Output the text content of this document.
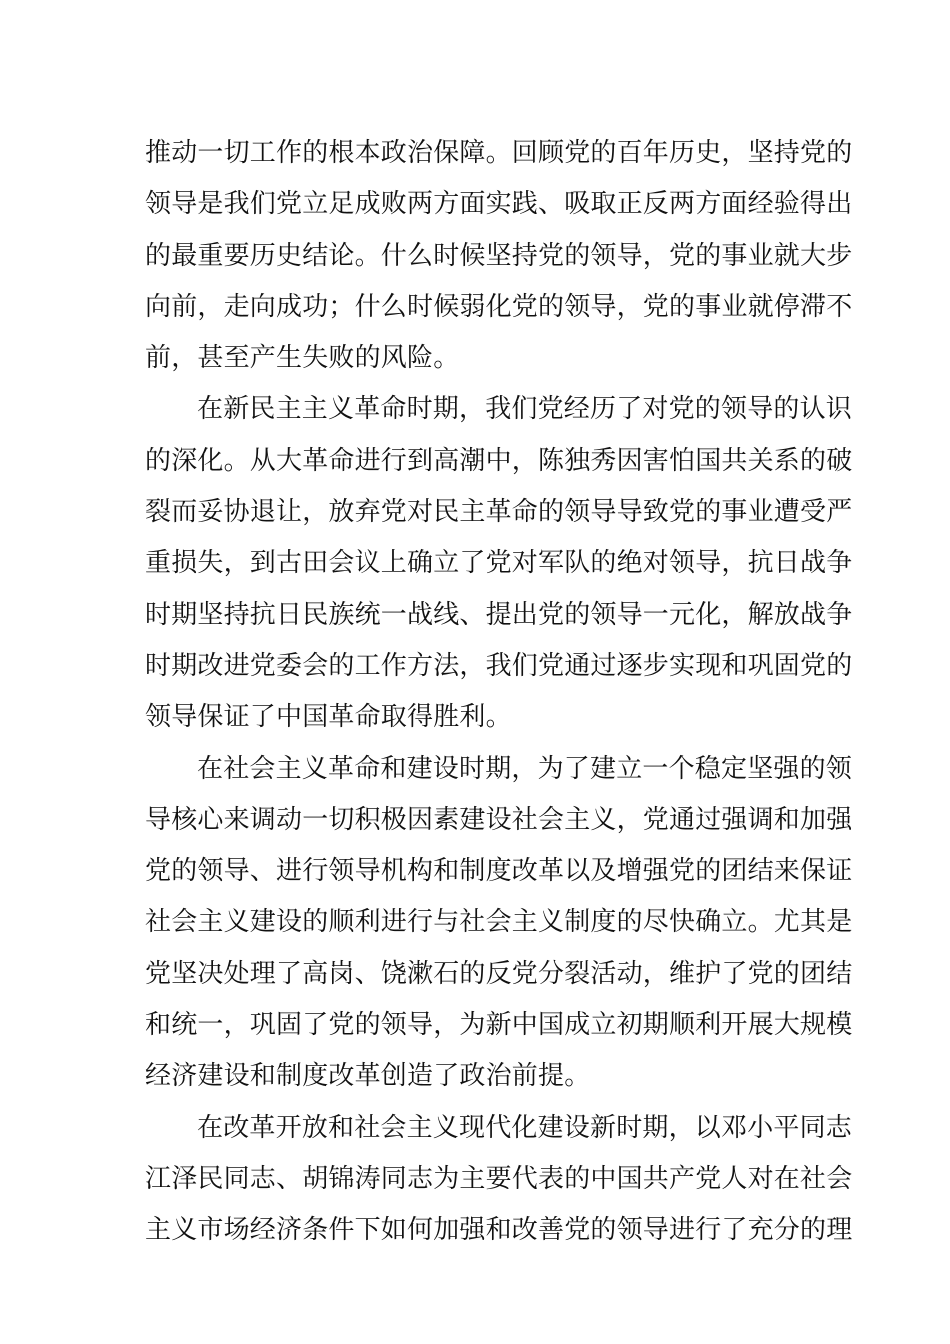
推动一切工作的根本政治保障。回顾党的百年历史，坚持党的
领导是我们党立足成败两方面实践、吸取正反两方面经验得出
的最重要历史结论。什么时候坚持党的领导，党的事业就大步
向前，走向成功；什么时候弱化党的领导，党的事业就停滞不
前，甚至产生失败的风险。
在新民主主义革命时期，我们党经历了对党的领导的认识
的深化。从大革命进行到高潮中，陈独秀因害怕国共关系的破
裂而妥协退让，放弃党对民主革命的领导导致党的事业遭受严
重损失，到古田会议上确立了党对军队的绝对领导，抗日战争
时期坚持抗日民族统一战线、提出党的领导一元化，解放战争
时期改进党委会的工作方法，我们党通过逐步实现和巩固党的
领导保证了中国革命取得胜利。
在社会主义革命和建设时期，为了建立一个稳定坚强的领
导核心来调动一切积极因素建设社会主义，党通过强调和加强
党的领导、进行领导机构和制度改革以及增强党的团结来保证
社会主义建设的顺利进行与社会主义制度的尽快确立。尤其是
党坚决处理了高岗、饶漱石的反党分裂活动，维护了党的团结
和统一，巩固了党的领导，为新中国成立初期顺利开展大规模
经济建设和制度改革创造了政治前提。
在改革开放和社会主义现代化建设新时期，以邓小平同志
江泽民同志、胡锦涛同志为主要代表的中国共产党人对在社会
主义市场经济条件下如何加强和改善党的领导进行了充分的理
